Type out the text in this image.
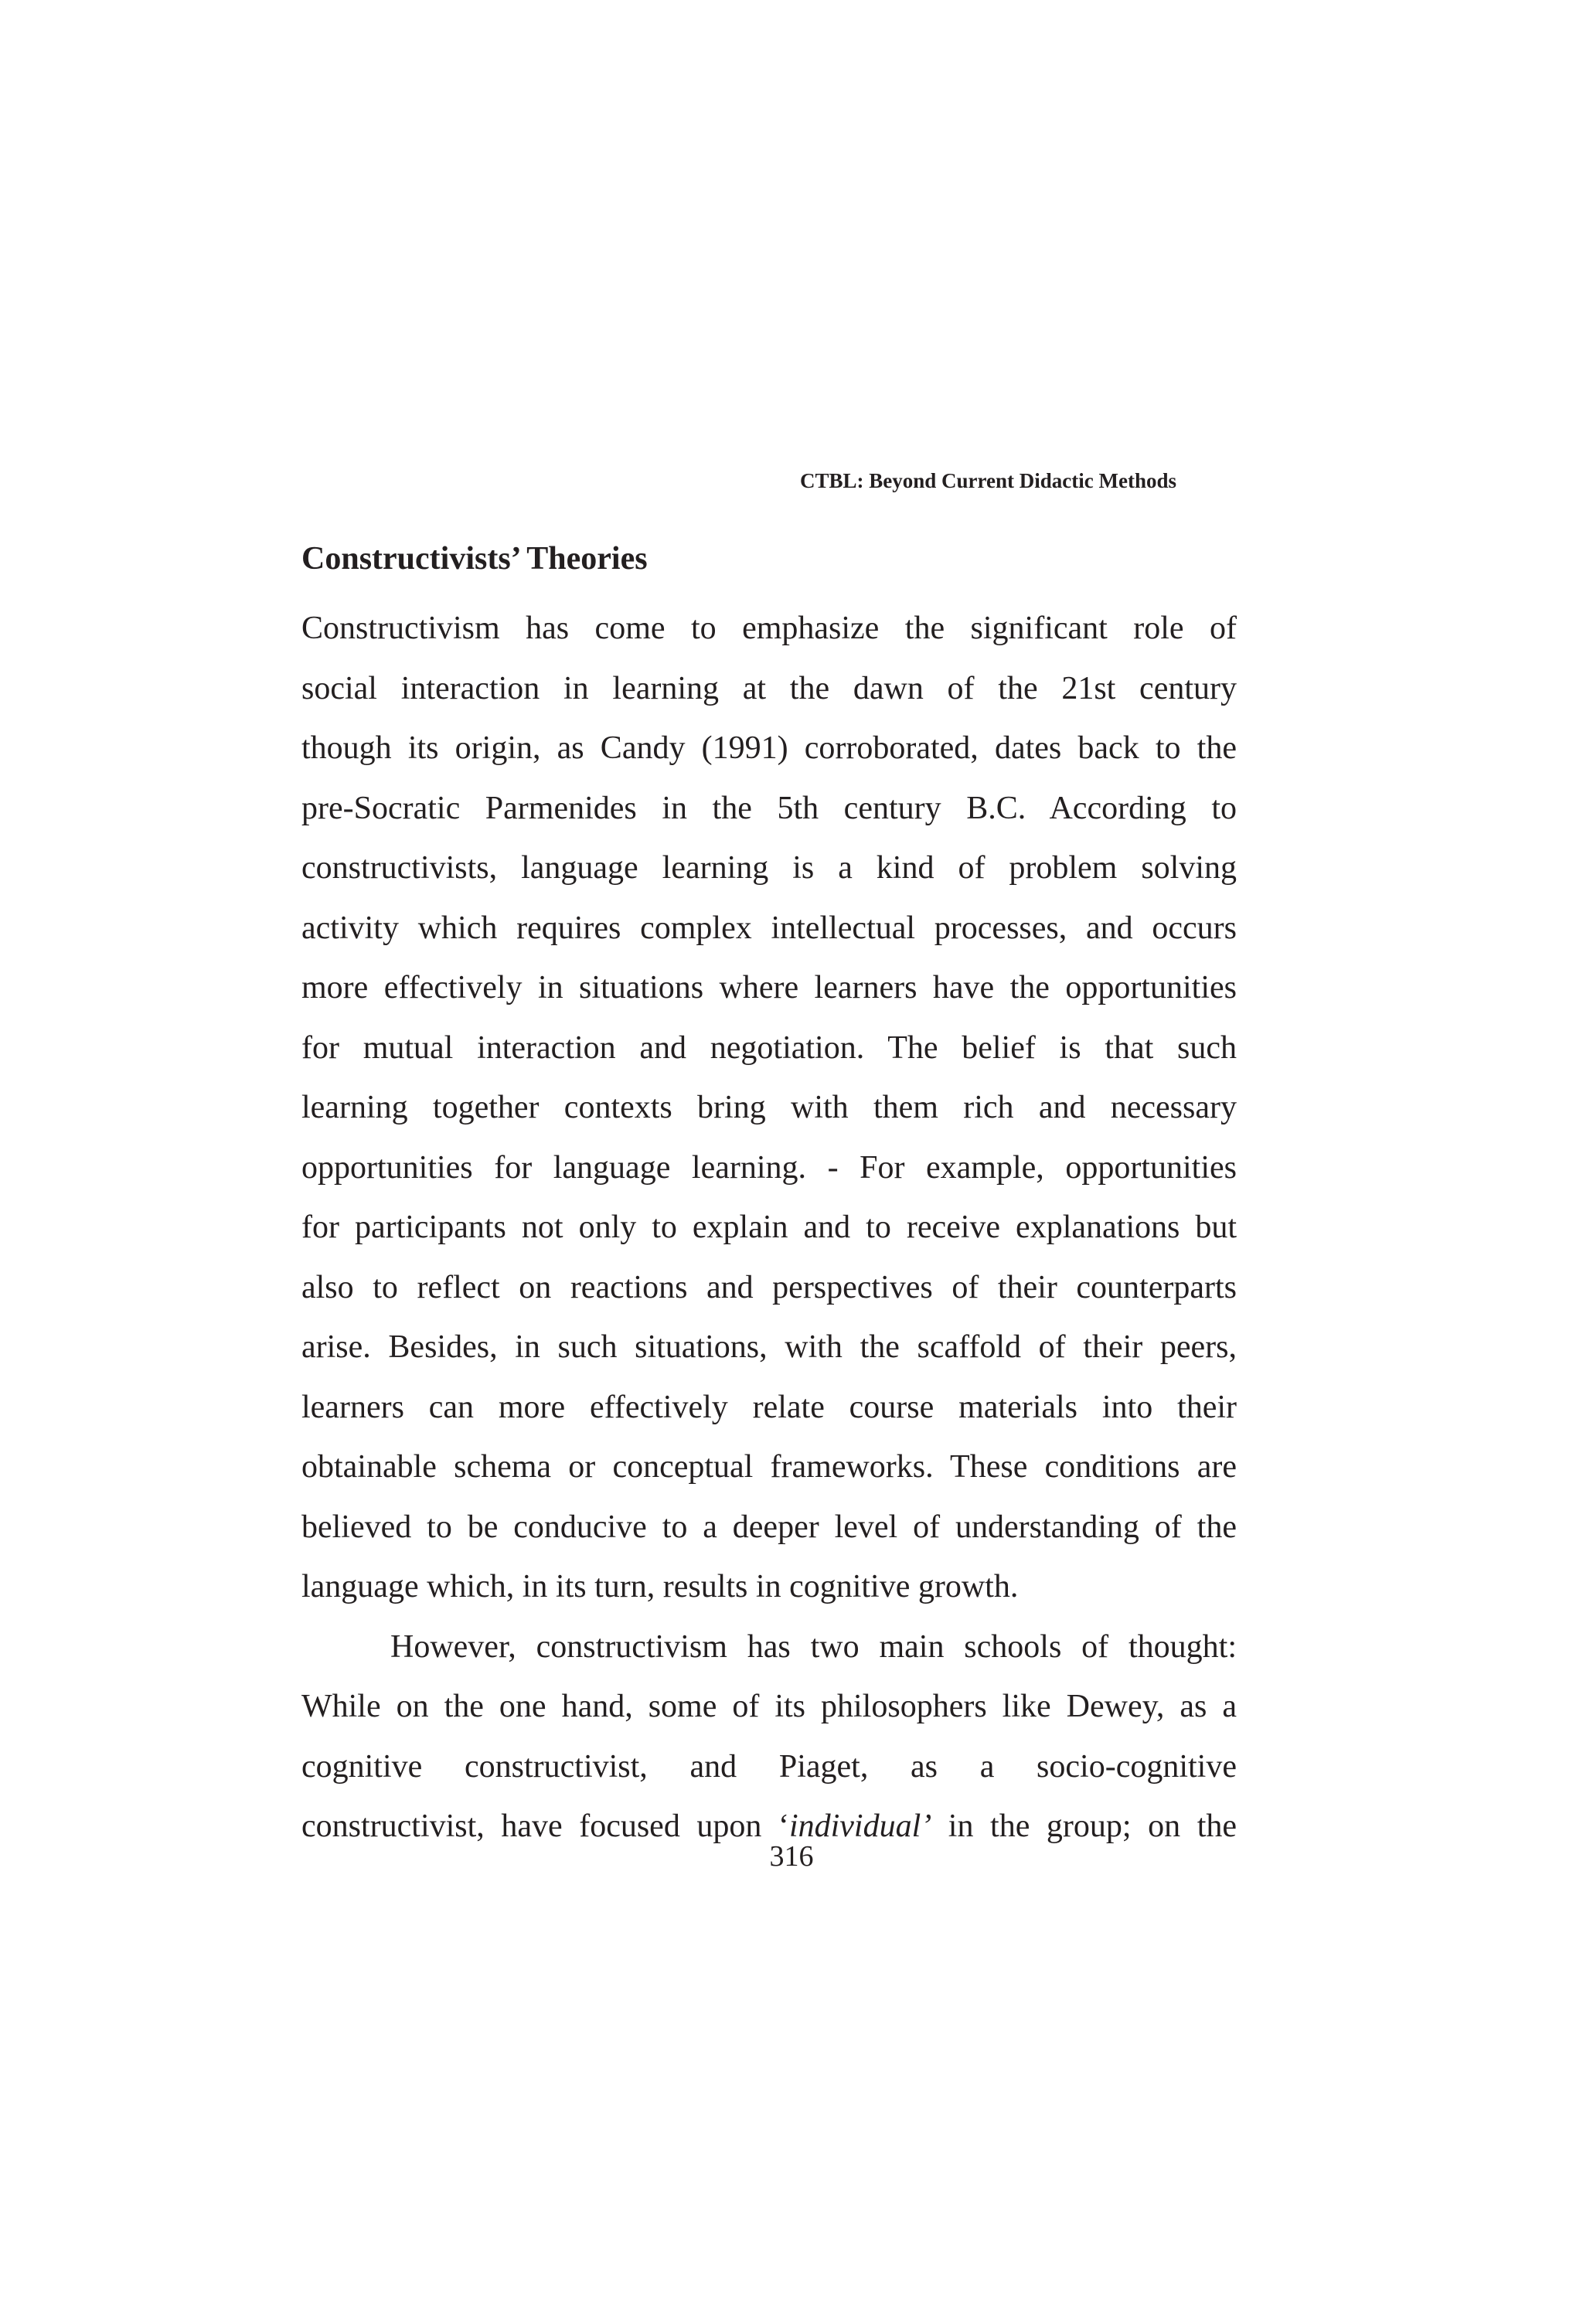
CTBL: Beyond Current Didactic Methods
Constructivists’ Theories
Constructivism has come to emphasize the significant role of
social interaction in learning at the dawn of the 21st century
though its origin, as Candy (1991) corroborated, dates back to the
pre-Socratic Parmenides in the 5th century B.C. According to
constructivists, language learning is a kind of problem solving
activity which requires complex intellectual processes, and occurs
more effectively in situations where learners have the opportunities
for mutual interaction and negotiation. The belief is that such
learning together contexts bring with them rich and necessary
opportunities for language learning. - For example, opportunities
for participants not only to explain and to receive explanations but
also to reflect on reactions and perspectives of their counterparts
arise. Besides, in such situations, with the scaffold of their peers,
learners can more effectively relate course materials into their
obtainable schema or conceptual frameworks. These conditions are
believed to be conducive to a deeper level of understanding of the
language which, in its turn, results in cognitive growth.
However, constructivism has two main schools of thought:
While on the one hand, some of its philosophers like Dewey, as a
cognitive constructivist, and Piaget, as a socio-cognitive
constructivist, have focused upon ‘individual’ in the group; on the
316
